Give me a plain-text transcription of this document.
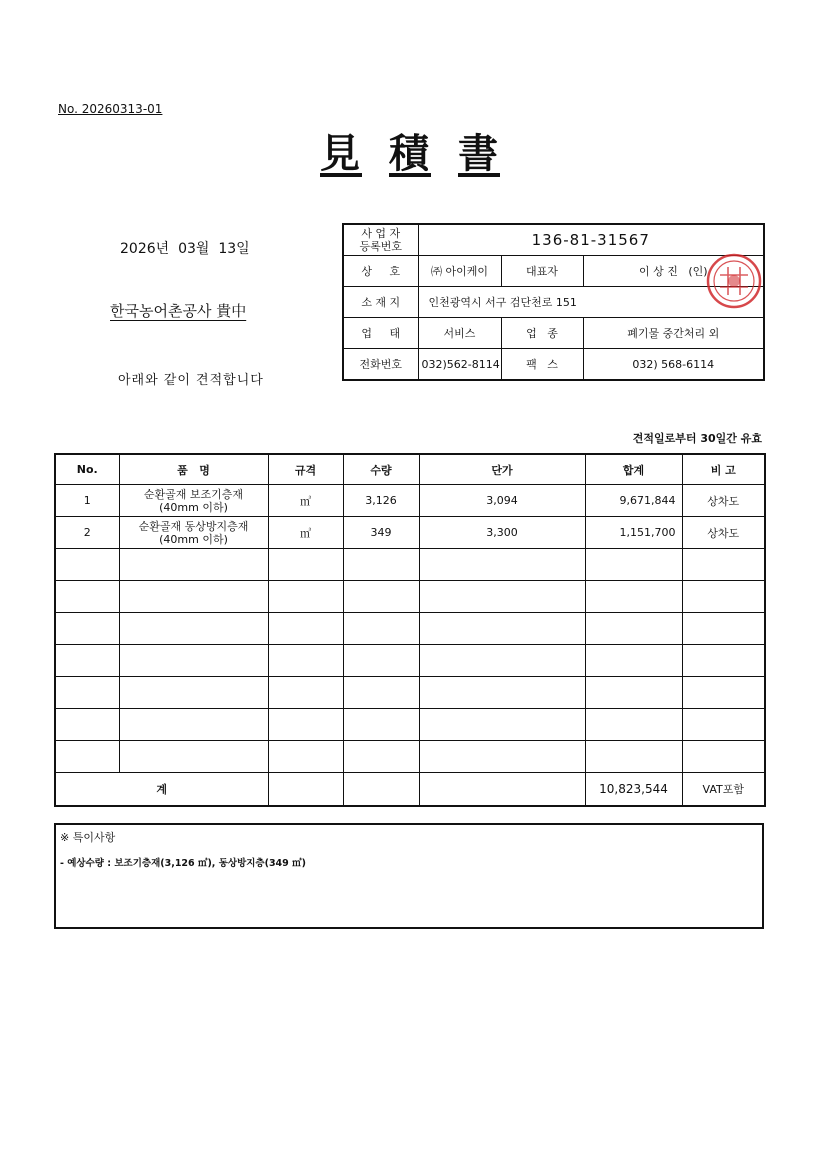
No. 20260313-01
見 積 書
2026년 03월 13일
한국농어촌공사 貴中
아래와 같이 견적합니다
사 업 자
등록번호	136-81-31567		
상     호	㈜ 아이케이	대표자	이 상 진   (인)
소 재 지	인천광역시 서구 검단천로 151		
업     태	서비스	업   종	폐기물 중간처리 외
전화번호	032)562-8114	팩   스	032) 568-6114
견적일로부터 30일간 유효
No.	품   명	규격	수량	단가	합계	비 고
1	순환골재 보조기층재
(40mm 이하)	㎥	3,126	3,094	9,671,844	상차도
2	순환골재 동상방지층재
(40mm 이하)	㎥	349	3,300	1,151,700	상차도

계					10,823,544	VAT포함
※ 특이사항
- 예상수량 : 보조기층재(3,126 ㎥), 동상방지층(349 ㎥)
